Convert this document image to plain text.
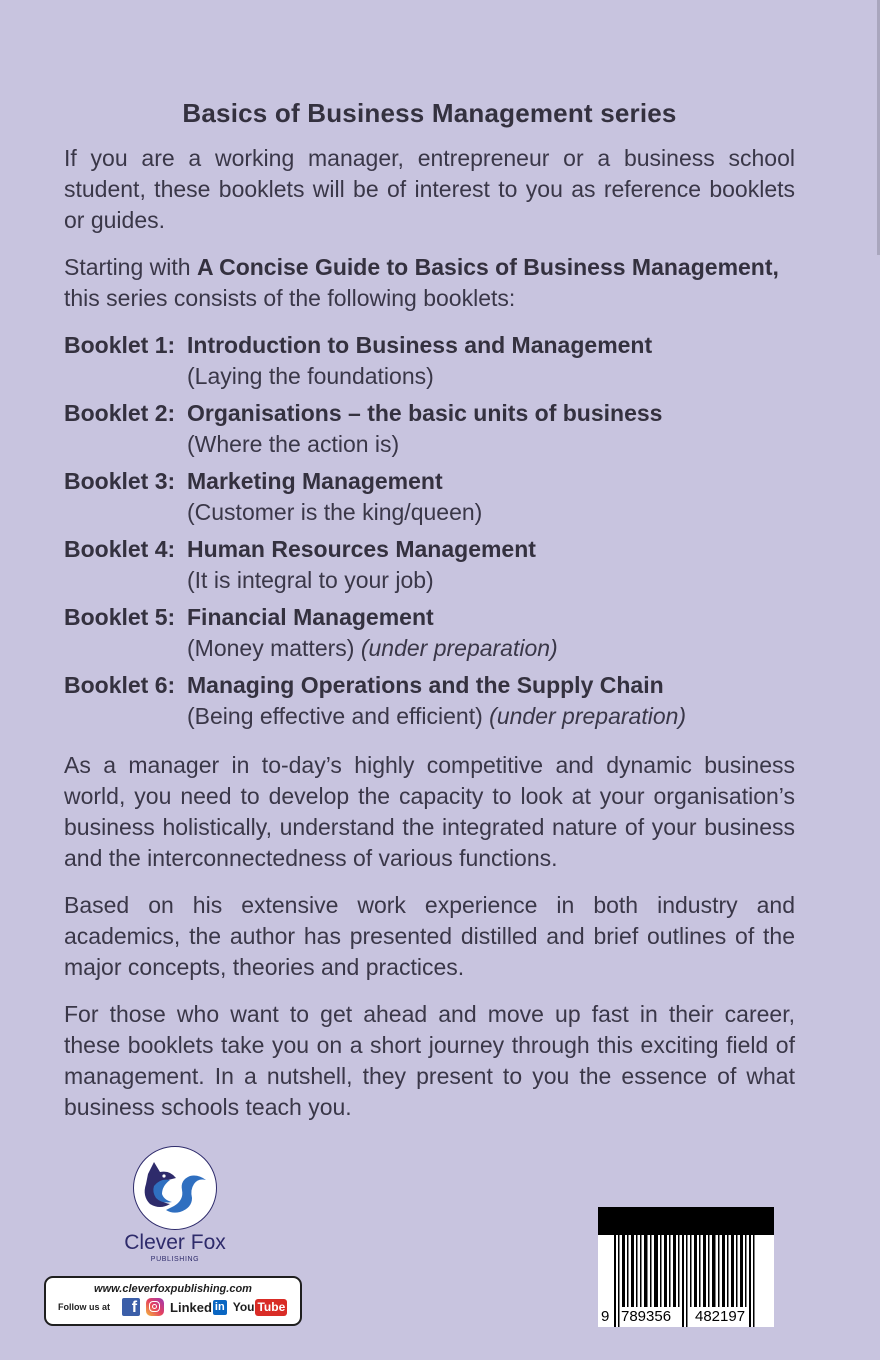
Basics of Business Management series

If you are a working manager, entrepreneur or a business school student, these booklets will be of interest to you as reference booklets or guides.

Starting with A Concise Guide to Basics of Business Management, this series consists of the following booklets:

Booklet 1: Introduction to Business and Management
(Laying the foundations)
Booklet 2: Organisations – the basic units of business
(Where the action is)
Booklet 3: Marketing Management
(Customer is the king/queen)
Booklet 4: Human Resources Management
(It is integral to your job)
Booklet 5: Financial Management
(Money matters) (under preparation)
Booklet 6: Managing Operations and the Supply Chain
(Being effective and efficient) (under preparation)

As a manager in to-day’s highly competitive and dynamic business world, you need to develop the capacity to look at your organisation’s business holistically, understand the integrated nature of your business and the interconnectedness of various functions.

Based on his extensive work experience in both industry and academics, the author has presented distilled and brief outlines of the major concepts, theories and practices.

For those who want to get ahead and move up fast in their career, these booklets take you on a short journey through this exciting field of management. In a nutshell, they present to you the essence of what business schools teach you.

Clever Fox
PUBLISHING
www.cleverfoxpublishing.com
Follow us at	f	Linked in You Tube
9 789356	482197
